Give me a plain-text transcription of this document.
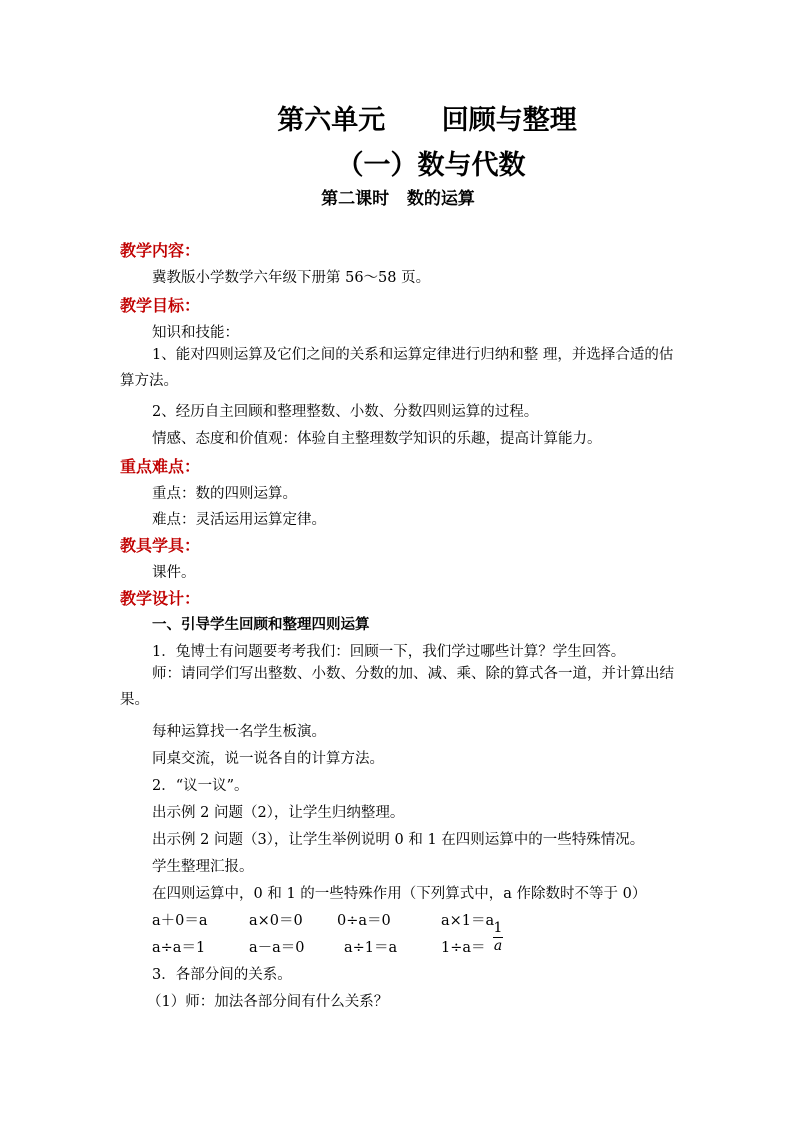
第六单元      回顾与整理
（一）数与代数
第二课时   数的运算
教学内容：
冀教版小学数学六年级下册第 56～58 页。
教学目标：
知识和技能：
1、能对四则运算及它们之间的关系和运算定律进行归纳和整 理，并选择合适的估算方法。
2、经历自主回顾和整理整数、小数、分数四则运算的过程。
情感、态度和价值观：体验自主整理数学知识的乐趣，提高计算能力。
重点难点：
重点：数的四则运算。
难点：灵活运用运算定律。
教具学具：
课件。
教学设计：
一、引导学生回顾和整理四则运算
1．兔博士有问题要考考我们：回顾一下，我们学过哪些计算？学生回答。
师：请同学们写出整数、小数、分数的加、减、乘、除的算式各一道，并计算出结果。
每种运算找一名学生板演。
同桌交流，说一说各自的计算方法。
2．“议一议”。
出示例 2 问题（2），让学生归纳整理。
出示例 2 问题（3），让学生举例说明 0 和 1 在四则运算中的一些特殊情况。
学生整理汇报。
在四则运算中，0 和 1 的一些特殊作用（下列算式中，a 作除数时不等于 0）
a＋0＝a	a×0＝0 0÷a＝0	a×1＝a
a÷a＝1	a－a＝0	a÷1＝a	1÷a＝
1
a
3．各部分间的关系。
（1）师：加法各部分间有什么关系？
